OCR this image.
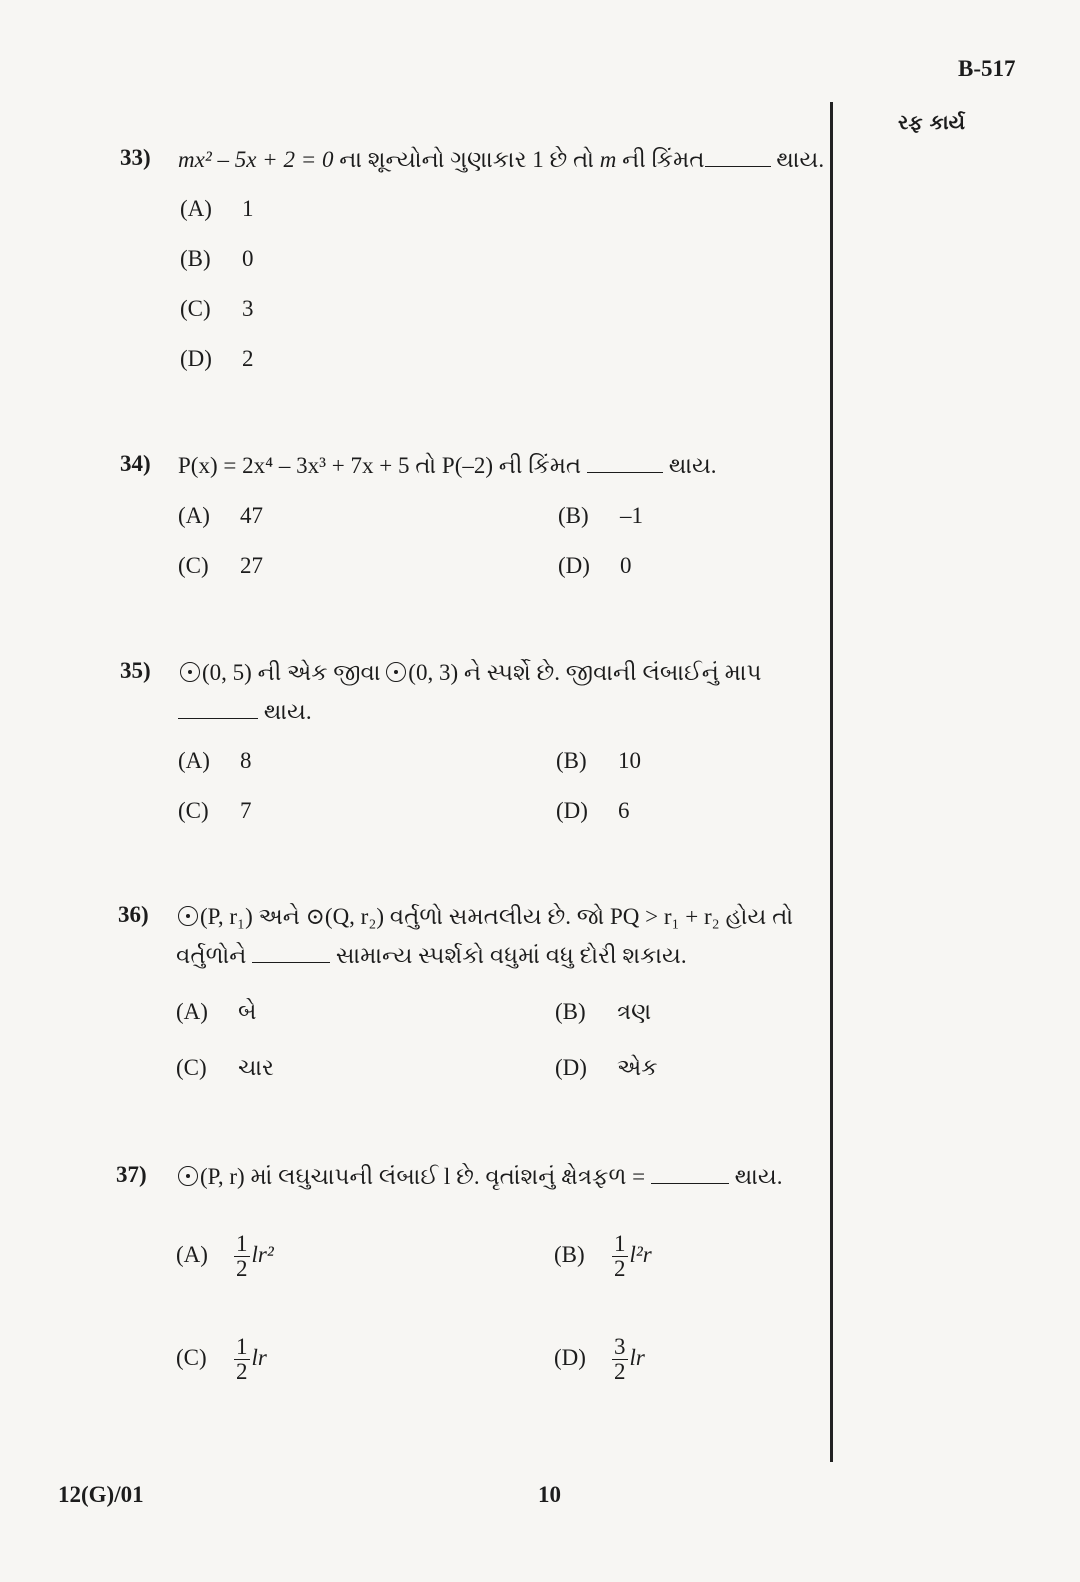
B-517
રફ કાર્ય
33) mx² – 5x + 2 = 0 ના શૂન્યોનો ગુણાકાર 1 છે તો m ની કિંમત	થાય.
(A) 1
(B) 0
(C) 3
(D) 2
34) P(x) = 2x⁴ – 3x³ + 7x + 5 તો P(–2) ની કિંમત	થાય.
(A) 47	(B) –1
(C) 27	(D) 0
35)	(0, 5) ની એક જીવા (0, 3) ને સ્પર્શે છે. જીવાની લંબાઈનું માપ
થાય.
(A) 8	(B) 10
(C) 7	(D) 6
36)	(P, r₁) અને ⊙(Q, r₂) વર્તુળો સમતલીય છે. જો PQ > r₁ + r₂ હોય તો
વર્તુળોને	સામાન્ય સ્પર્શકો વધુમાં વધુ દોરી શકાય.
(A) બે	(B) ત્રણ
(C) ચાર	(D) એક
37)	(P, r) માં લઘુચાપની લંબાઈ l છે. વૃતાંશનું ક્ષેત્રફળ =	થાય.
$(A) \frac{1}{2} lr^2$	$(B) \frac{1}{2} l^2r$
$(C) \frac{1}{2}$ lr	$(D) \frac{3}{2}$ lr
12(G)/01	10
